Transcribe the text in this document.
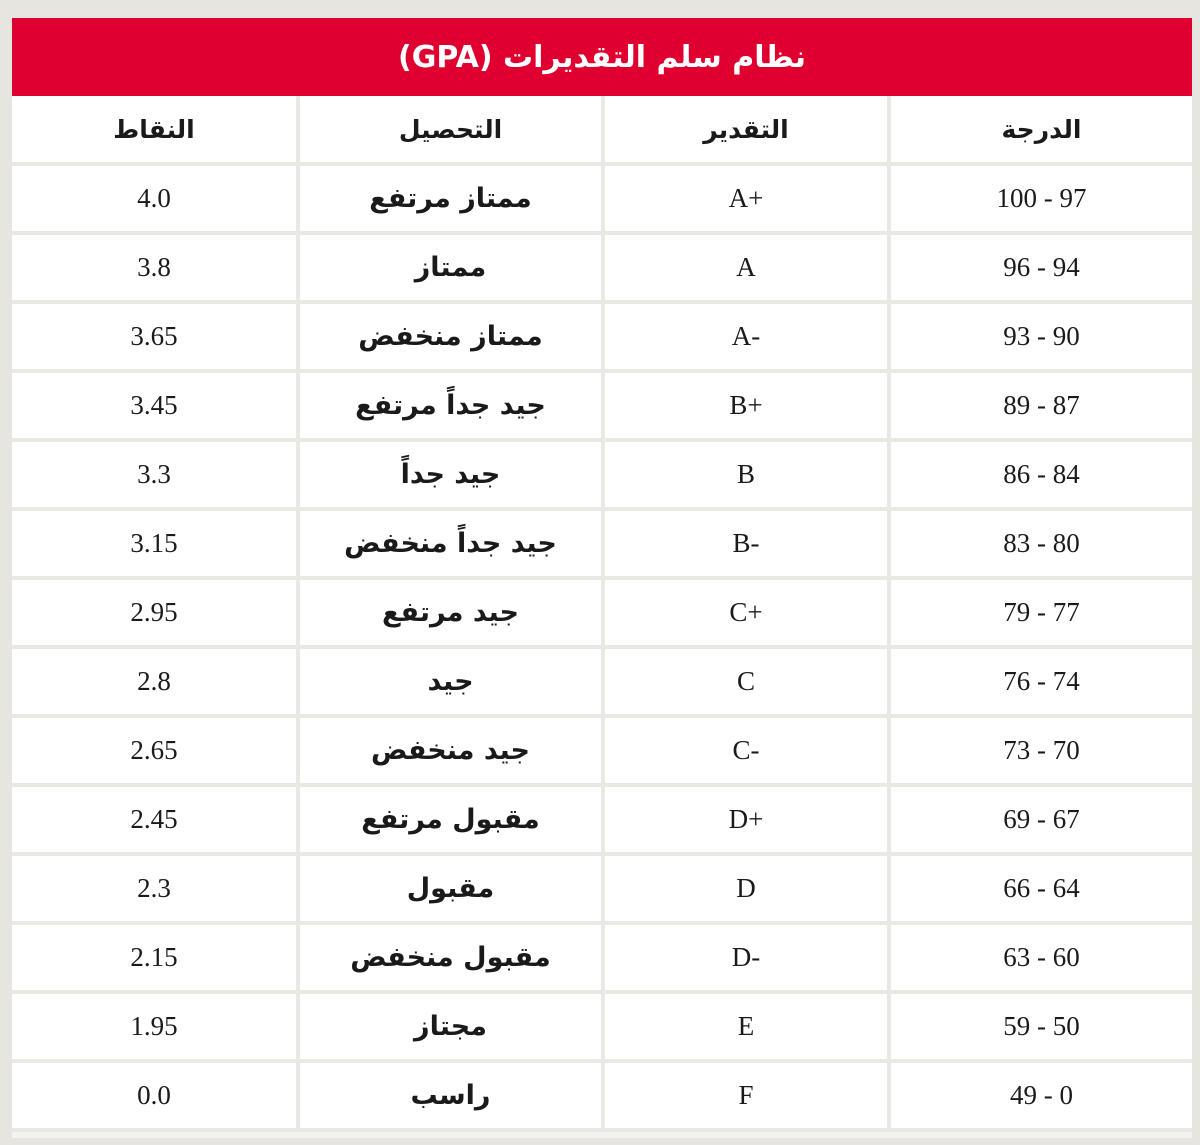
نظام سلم التقديرات (GPA)
الدرجة	التقدير	التحصيل	النقاط
100 - 97	A+	ممتاز مرتفع	4.0
96 - 94	A	ممتاز	3.8
93 - 90	A-	ممتاز منخفض	3.65
89 - 87	B+	جيد جداً مرتفع	3.45
86 - 84	B	جيد جداً	3.3
83 - 80	B-	جيد جداً منخفض	3.15
79 - 77	C+	جيد مرتفع	2.95
76 - 74	C	جيد	2.8
73 - 70	C-	جيد منخفض	2.65
69 - 67	D+	مقبول مرتفع	2.45
66 - 64	D	مقبول	2.3
63 - 60	D-	مقبول منخفض	2.15
59 - 50	E	مجتاز	1.95
49 - 0	F	راسب	0.0
